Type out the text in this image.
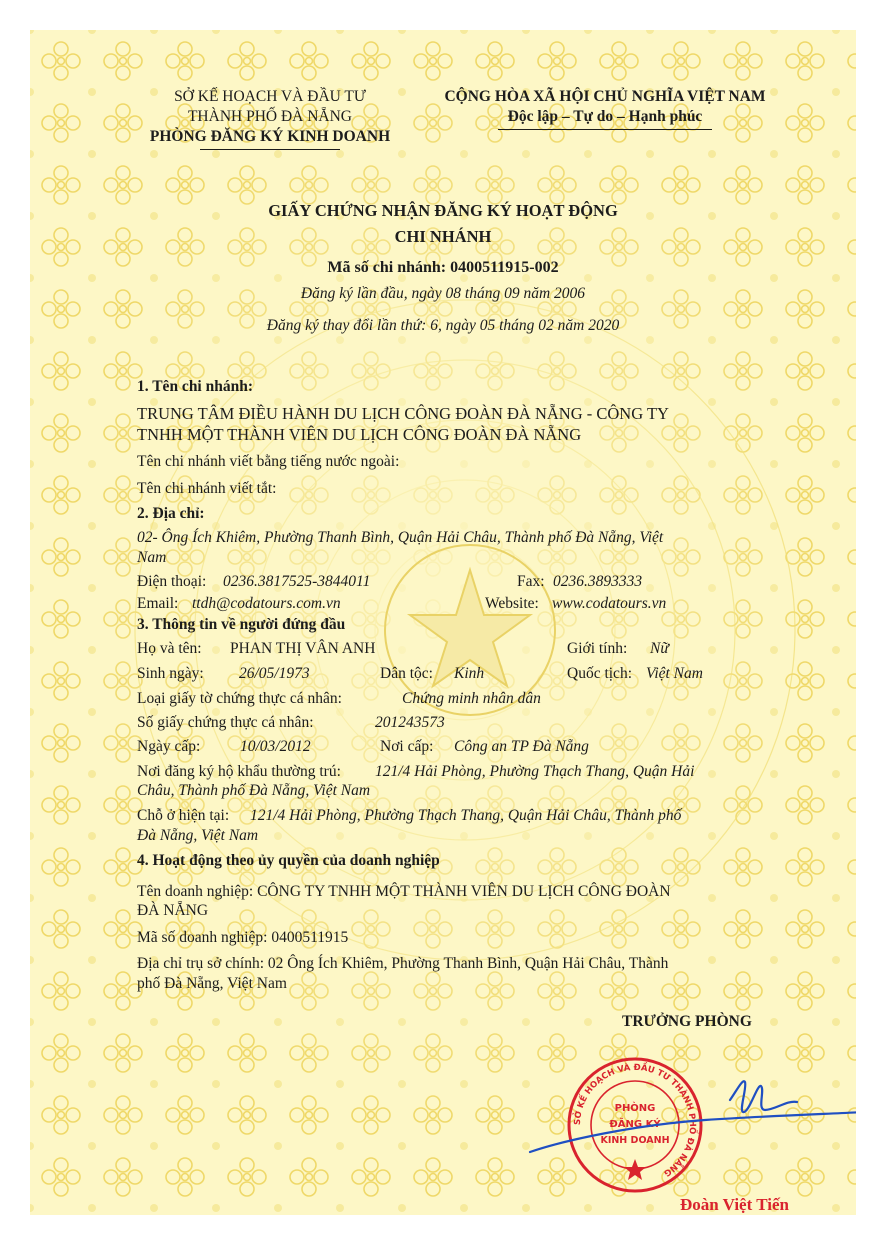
SỞ KẾ HOẠCH VÀ ĐẦU TƯ
THÀNH PHỐ ĐÀ NẴNG
PHÒNG ĐĂNG KÝ KINH DOANH
CỘNG HÒA XÃ HỘI CHỦ NGHĨA VIỆT NAM
Độc lập – Tự do – Hạnh phúc
GIẤY CHỨNG NHẬN ĐĂNG KÝ HOẠT ĐỘNG
CHI NHÁNH
Mã số chi nhánh: 0400511915-002
Đăng ký lần đầu, ngày 08 tháng 09 năm 2006
Đăng ký thay đổi lần thứ: 6, ngày 05 tháng 02 năm 2020
1. Tên chi nhánh:
TRUNG TÂM ĐIỀU HÀNH DU LỊCH CÔNG ĐOÀN ĐÀ NẴNG - CÔNG TY
TNHH MỘT THÀNH VIÊN DU LỊCH CÔNG ĐOÀN ĐÀ NẴNG
Tên chi nhánh viết bằng tiếng nước ngoài:
Tên chi nhánh viết tắt:
2. Địa chỉ:
02- Ông Ích Khiêm, Phường Thanh Bình, Quận Hải Châu, Thành phố Đà Nẵng, Việt
Nam
Điện thoại: 0236.3817525-3844011	Fax: 0236.3893333
Email: ttdh@codatours.com.vn	Website: www.codatours.vn
3. Thông tin về người đứng đầu
Họ và tên: PHAN THỊ VÂN ANH	Giới tính: Nữ
Sinh ngày: 26/05/1973	Dân tộc: Kinh	Quốc tịch: Việt Nam
Loại giấy tờ chứng thực cá nhân:	Chứng minh nhân dân
Số giấy chứng thực cá nhân:	201243573
Ngày cấp:	10/03/2012	Nơi cấp: Công an TP Đà Nẵng
Nơi đăng ký hộ khẩu thường trú: 121/4 Hải Phòng, Phường Thạch Thang, Quận Hải
Châu, Thành phố Đà Nẵng, Việt Nam
Chỗ ở hiện tại: 121/4 Hải Phòng, Phường Thạch Thang, Quận Hải Châu, Thành phố
Đà Nẵng, Việt Nam
4. Hoạt động theo ủy quyền của doanh nghiệp
Tên doanh nghiệp: CÔNG TY TNHH MỘT THÀNH VIÊN DU LỊCH CÔNG ĐOÀN
ĐÀ NẴNG
Mã số doanh nghiệp: 0400511915
Địa chỉ trụ sở chính: 02 Ông Ích Khiêm, Phường Thanh Bình, Quận Hải Châu, Thành
phố Đà Nẵng, Việt Nam
TRƯỞNG PHÒNG
SỞ KẾ HOẠCH VÀ ĐẦU TƯ THÀNH PHỐ ĐÀ NẴNG
PHÒNG
ĐĂNG KÝ
KINH DOANH
Đoàn Việt Tiến
